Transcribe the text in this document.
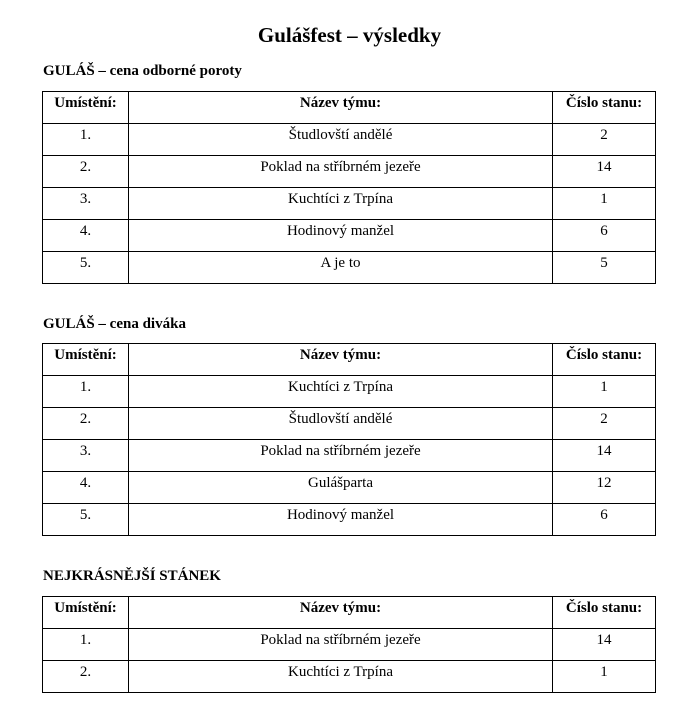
Gulášfest – výsledky
GULÁŠ – cena odborné poroty
Umístění:	Název týmu:	Číslo stanu:
1.	Študlovští andělé	2
2.	Poklad na stříbrném jezeře	14
3.	Kuchtíci z Trpína	1
4.	Hodinový manžel	6
5.	A je to	5
GULÁŠ – cena diváka
Umístění:	Název týmu:	Číslo stanu:
1.	Kuchtíci z Trpína	1
2.	Študlovští andělé	2
3.	Poklad na stříbrném jezeře	14
4.	Gulášparta	12
5.	Hodinový manžel	6
NEJKRÁSNĚJŠÍ STÁNEK
Umístění:	Název týmu:	Číslo stanu:
1.	Poklad na stříbrném jezeře	14
2.	Kuchtíci z Trpína	1
